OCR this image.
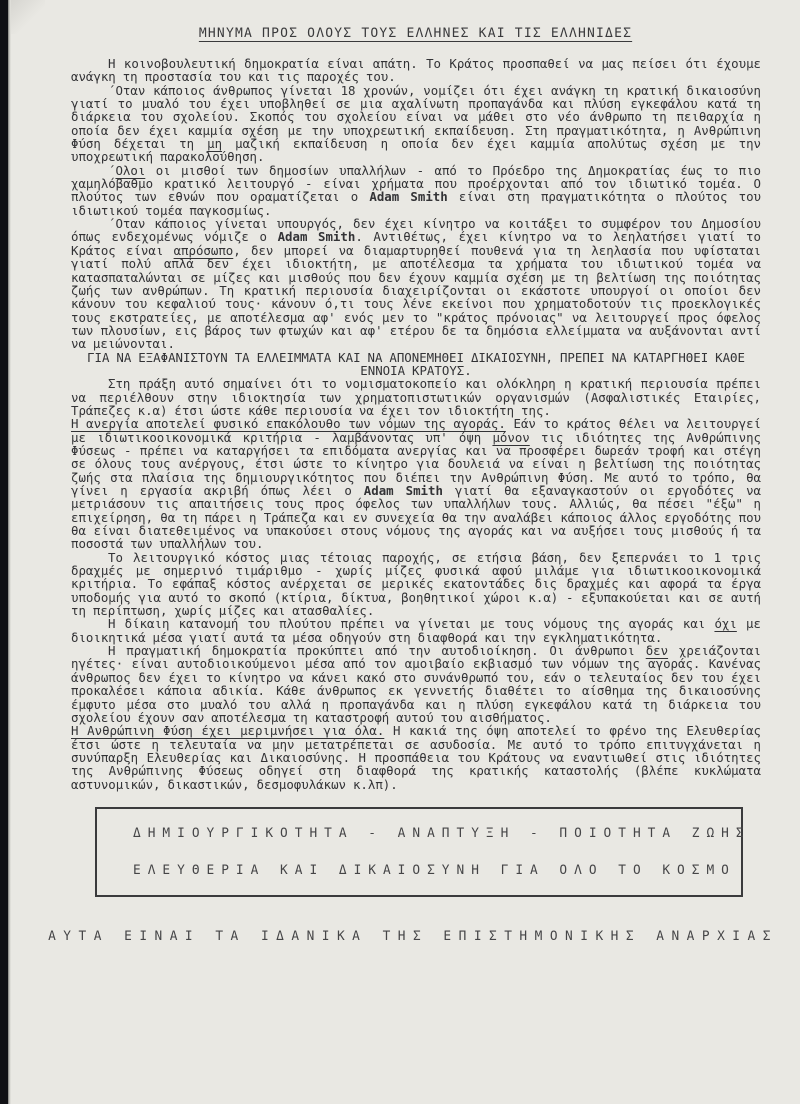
ΜΗΝΥΜΑ ΠΡΟΣ ΟΛΟΥΣ ΤΟΥΣ ΕΛΛΗΝΕΣ ΚΑΙ ΤΙΣ ΕΛΛΗΝΙΔΕΣ

Η κοινοβουλευτική δημοκρατία είναι απάτη. Το Κράτος προσπαθεί να μας πείσει ότι έχουμε ανάγκη τη προστασία του και τις παροχές του.

΄Οταν κάποιος άνθρωπος γίνεται 18 χρονών, νομίζει ότι έχει ανάγκη τη κρατική δικαιοσύνη γιατί το μυαλό του έχει υποβληθεί σε μια αχαλίνωτη προπαγάνδα και πλύση εγκεφάλου κατά τη διάρκεια του σχολείου. Σκοπός του σχολείου είναι να μάθει στο νέο άνθρωπο τη πειθαρχία η οποία δεν έχει καμμία σχέση με την υποχρεωτική εκπαίδευση. Στη πραγματικότητα, η Ανθρώπινη Φύση δέχεται τη μη μαζική εκπαίδευση η οποία δεν έχει καμμία απολύτως σχέση με την υποχρεωτική παρακολούθηση.

΄Ολοι οι μισθοί των δημοσίων υπαλλήλων - από το Πρόεδρο της Δημοκρατίας έως το πιο χαμηλόβαθμο κρατικό λειτουργό - είναι χρήματα που προέρχονται από τον ιδιωτικό τομέα. Ο πλούτος των εθνών που οραματίζεται ο Adam Smith είναι στη πραγματικότητα ο πλούτος του ιδιωτικού τομέα παγκοσμίως.

΄Οταν κάποιος γίνεται υπουργός, δεν έχει κίνητρο να κοιτάξει το συμφέρον του Δημοσίου όπως ενδεχομένως νόμιζε ο Adam Smith. Αντιθέτως, έχει κίνητρο να το λεηλατήσει γιατί το Κράτος είναι απρόσωπο, δεν μπορεί να διαμαρτυρηθεί πουθενά για τη λεηλασία που υφίσταται γιατί πολύ απλά δεν έχει ιδιοκτήτη, με αποτέλεσμα τα χρήματα του ιδιωτικού τομέα να κατασπαταλώνται σε μίζες και μισθούς που δεν έχουν καμμία σχέση με τη βελτίωση της ποιότητας ζωής των ανθρώπων. Τη κρατική περιουσία διαχειρίζονται οι εκάστοτε υπουργοί οι οποίοι δεν κάνουν του κεφαλιού τους· κάνουν ό,τι τους λένε εκείνοι που χρηματοδοτούν τις προεκλογικές τους εκστρατείες, με αποτέλεσμα αφ' ενός μεν το "κράτος πρόνοιας" να λειτουργεί προς όφελος των πλουσίων, εις βάρος των φτωχών και αφ' ετέρου δε τα δημόσια ελλείμματα να αυξάνονται αντί να μειώνονται.

ΓΙΑ ΝΑ ΕΞΑΦΑΝΙΣΤΟΥΝ ΤΑ ΕΛΛΕΙΜΜΑΤΑ ΚΑΙ ΝΑ ΑΠΟΝΕΜΗΘΕΙ ΔΙΚΑΙΟΣΥΝΗ, ΠΡΕΠΕΙ ΝΑ ΚΑΤΑΡΓΗΘΕΙ ΚΑΘΕ ΕΝΝΟΙΑ ΚΡΑΤΟΥΣ.

Στη πράξη αυτό σημαίνει ότι το νομισματοκοπείο και ολόκληρη η κρατική περιουσία πρέπει να περιέλθουν στην ιδιοκτησία των χρηματοπιστωτικών οργανισμών (Ασφαλιστικές Εταιρίες, Τράπεζες κ.α) έτσι ώστε κάθε περιουσία να έχει τον ιδιοκτήτη της.

Η ανεργία αποτελεί φυσικό επακόλουθο των νόμων της αγοράς. Εάν το κράτος θέλει να λειτουργεί με ιδιωτικοοικονομικά κριτήρια - λαμβάνοντας υπ' όψη μόνον τις ιδιότητες της Ανθρώπινης Φύσεως - πρέπει να καταργήσει τα επιδόματα ανεργίας και να προσφέρει δωρεάν τροφή και στέγη σε όλους τους ανέργους, έτσι ώστε το κίνητρο για δουλειά να είναι η βελτίωση της ποιότητας ζωής στα πλαίσια της δημιουργικότητος που διέπει την Ανθρώπινη Φύση. Με αυτό το τρόπο, θα γίνει η εργασία ακριβή όπως λέει ο Adam Smith γιατί θα εξαναγκαστούν οι εργοδότες να μετριάσουν τις απαιτήσεις τους προς όφελος των υπαλλήλων τους. Αλλιώς, θα πέσει "έξω" η επιχείρηση, θα τη πάρει η Τράπεζα και εν συνεχεία θα την αναλάβει κάποιος άλλος εργοδότης που θα είναι διατεθειμένος να υπακούσει στους νόμους της αγοράς και να αυξήσει τους μισθούς ή τα ποσοστά των υπαλλήλων του.

Το λειτουργικό κόστος μιας τέτοιας παροχής, σε ετήσια βάση, δεν ξεπερνάει το 1 τρις δραχμές με σημερινό τιμάριθμο - χωρίς μίζες φυσικά αφού μιλάμε για ιδιωτικοοικονομικά κριτήρια. Το εφάπαξ κόστος ανέρχεται σε μερικές εκατοντάδες δις δραχμές και αφορά τα έργα υποδομής για αυτό το σκοπό (κτίρια, δίκτυα, βοηθητικοί χώροι κ.α) - εξυπακούεται και σε αυτή τη περίπτωση, χωρίς μίζες και ατασθαλίες.

Η δίκαιη κατανομή του πλούτου πρέπει να γίνεται με τους νόμους της αγοράς και όχι με διοικητικά μέσα γιατί αυτά τα μέσα οδηγούν στη διαφθορά και την εγκληματικότητα.

Η πραγματική δημοκρατία προκύπτει από την αυτοδιοίκηση. Οι άνθρωποι δεν χρειάζονται ηγέτες· είναι αυτοδιοικούμενοι μέσα από τον αμοιβαίο εκβιασμό των νόμων της αγοράς. Κανένας άνθρωπος δεν έχει το κίνητρο να κάνει κακό στο συνάνθρωπό του, εάν ο τελευταίος δεν του έχει προκαλέσει κάποια αδικία. Κάθε άνθρωπος εκ γεννετής διαθέτει το αίσθημα της δικαιοσύνης έμφυτο μέσα στο μυαλό του αλλά η προπαγάνδα και η πλύση εγκεφάλου κατά τη διάρκεια του σχολείου έχουν σαν αποτέλεσμα τη καταστροφή αυτού του αισθήματος.

Η Ανθρώπινη Φύση έχει μεριμνήσει για όλα. Η κακιά της όψη αποτελεί το φρένο της Ελευθερίας έτσι ώστε η τελευταία να μην μετατρέπεται σε ασυδοσία. Με αυτό το τρόπο επιτυγχάνεται η συνύπαρξη Ελευθερίας και Δικαιοσύνης. Η προσπάθεια του Κράτους να εναντιωθεί στις ιδιότητες της Ανθρώπινης Φύσεως οδηγεί στη διαφθορά της κρατικής καταστολής (βλέπε κυκλώματα αστυνομικών, δικαστικών, δεσμοφυλάκων κ.λπ).

ΔΗΜΙΟΥΡΓΙΚΟΤΗΤΑ - ΑΝΑΠΤΥΞΗ - ΠΟΙΟΤΗΤΑ ΖΩΗΣ

ΕΛΕΥΘΕΡΙΑ ΚΑΙ ΔΙΚΑΙΟΣΥΝΗ ΓΙΑ ΟΛΟ ΤΟ ΚΟΣΜΟ

ΑΥΤΑ ΕΙΝΑΙ ΤΑ ΙΔΑΝΙΚΑ ΤΗΣ ΕΠΙΣΤΗΜΟΝΙΚΗΣ ΑΝΑΡΧΙΑΣ
